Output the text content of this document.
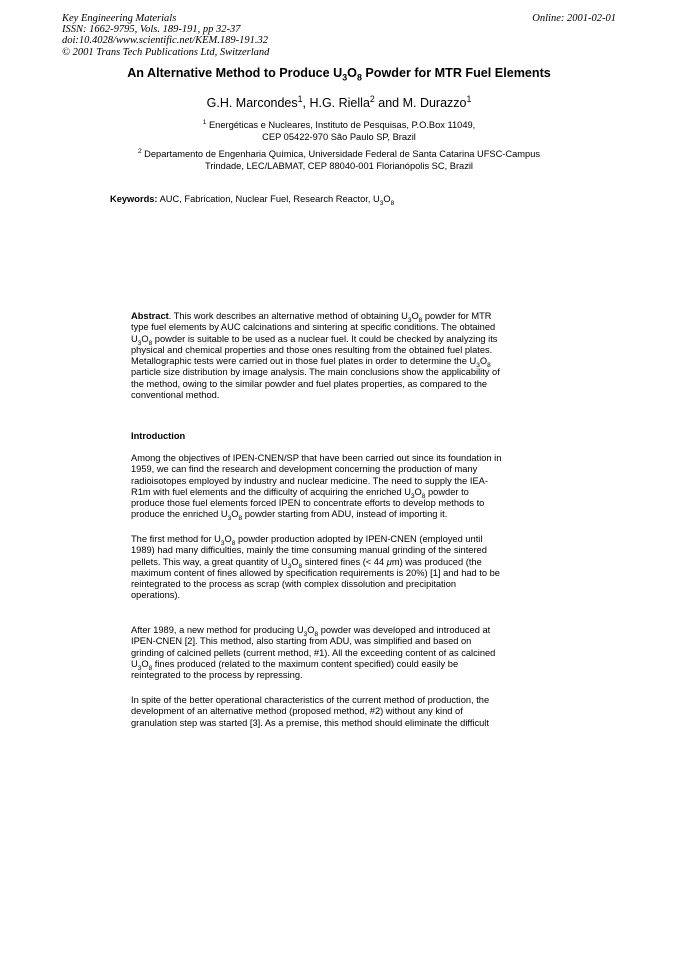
Key Engineering Materials
ISSN: 1662-9795, Vols. 189-191, pp 32-37
doi:10.4028/www.scientific.net/KEM.189-191.32
© 2001 Trans Tech Publications Ltd, Switzerland
Online: 2001-02-01
An Alternative Method to Produce $U_3O_8$ Powder for MTR Fuel Elements
G.H. Marcondes$^1$, H.G. Riella$^2$ and M. Durazzo$^1$
$^1$ Energéticas e Nucleares, Instituto de Pesquisas, P.O.Box 11049,
CEP 05422-970 São Paulo SP, Brazil
$^2$ Departamento de Engenharia Química, Universidade Federal de Santa Catarina UFSC-Campus
Trindade, LEC/LABMAT, CEP 88040-001 Florianópolis SC, Brazil
Keywords: AUC, Fabrication, Nuclear Fuel, Research Reactor, $U_3O_8$
Abstract. This work describes an alternative method of obtaining $U_3O_8$ powder for MTR
type fuel elements by AUC calcinations and sintering at specific conditions. The obtained
$U_3O_8$ powder is suitable to be used as a nuclear fuel. It could be checked by analyzing its
physical and chemical properties and those ones resulting from the obtained fuel plates.
Metallographic tests were carried out in those fuel plates in order to determine the $U_3O_8$
particle size distribution by image analysis. The main conclusions show the applicability of
the method, owing to the similar powder and fuel plates properties, as compared to the
conventional method.
Introduction
Among the objectives of IPEN-CNEN/SP that have been carried out since its foundation in
1959, we can find the research and development concerning the production of many
radioisotopes employed by industry and nuclear medicine. The need to supply the IEA-
R1m with fuel elements and the difficulty of acquiring the enriched $U_3O_8$ powder to
produce those fuel elements forced IPEN to concentrate efforts to develop methods to
produce the enriched $U_3O_8$ powder starting from ADU, instead of importing it.
The first method for $U_3O_8$ powder production adopted by IPEN-CNEN (employed until
1989) had many difficulties, mainly the time consuming manual grinding of the sintered
pellets. This way, a great quantity of $U_3O_8$ sintered fines (< 44 μm) was produced (the
maximum content of fines allowed by specification requirements is 20%) [1] and had to be
reintegrated to the process as scrap (with complex dissolution and precipitation
operations).
After 1989, a new method for producing $U_3O_8$ powder was developed and introduced at
IPEN-CNEN [2]. This method, also starting from ADU, was simplified and based on
grinding of calcined pellets (current method, #1). All the exceeding content of as calcined
$U_3O_8$ fines produced (related to the maximum content specified) could easily be
reintegrated to the process by repressing.
In spite of the better operational characteristics of the current method of production, the
development of an alternative method (proposed method, #2) without any kind of
granulation step was started [3]. As a premise, this method should eliminate the difficult
